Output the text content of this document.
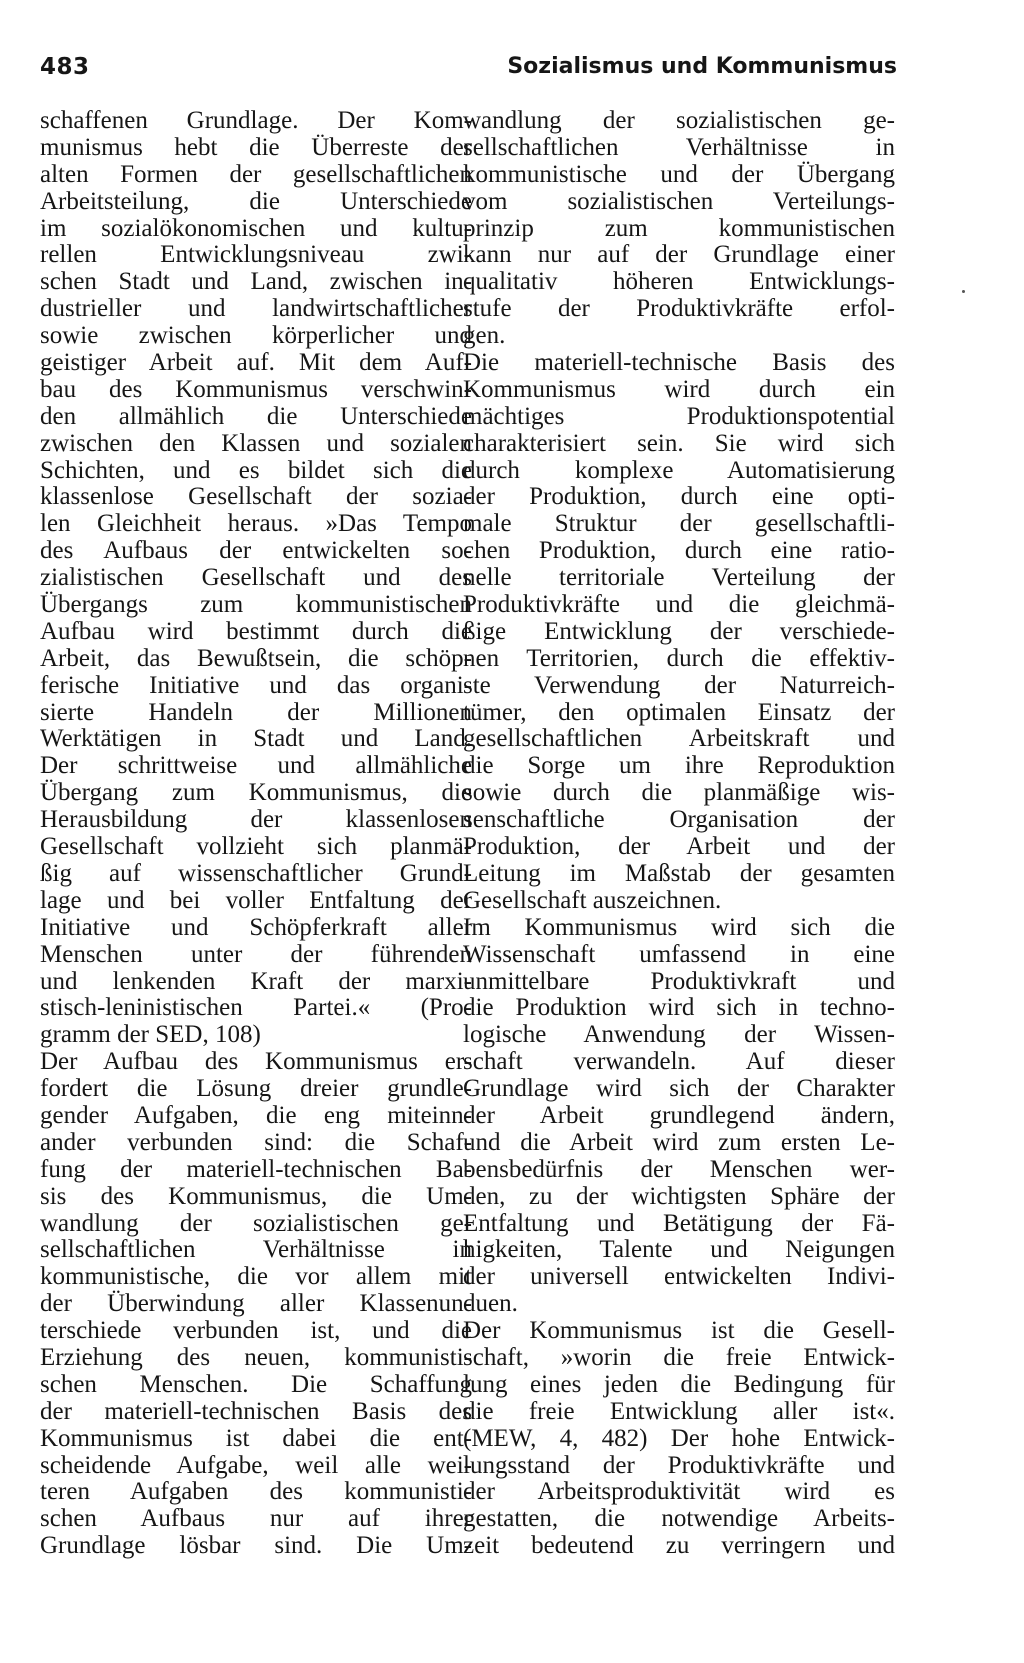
483	Sozialismus und Kommunismus
schaffenen Grundlage. Der Kom-
munismus hebt die Überreste der
alten Formen der gesellschaftlichen
Arbeitsteilung, die Unterschiede
im sozialökonomischen und kultu-
rellen Entwicklungsniveau zwi-
schen Stadt und Land, zwischen in-
dustrieller und landwirtschaftlicher
sowie zwischen körperlicher und
geistiger Arbeit auf. Mit dem Auf-
bau des Kommunismus verschwin-
den allmählich die Unterschiede
zwischen den Klassen und sozialen
Schichten, und es bildet sich die
klassenlose Gesellschaft der sozia-
len Gleichheit heraus. »Das Tempo
des Aufbaus der entwickelten so-
zialistischen Gesellschaft und des
Übergangs zum kommunistischen
Aufbau wird bestimmt durch die
Arbeit, das Bewußtsein, die schöp-
ferische Initiative und das organi-
sierte Handeln der Millionen
Werktätigen in Stadt und Land.
Der schrittweise und allmähliche
Übergang zum Kommunismus, die
Herausbildung der klassenlosen
Gesellschaft vollzieht sich planmä-
ßig auf wissenschaftlicher Grund-
lage und bei voller Entfaltung der
Initiative und Schöpferkraft aller
Menschen unter der führenden
und lenkenden Kraft der marxi-
stisch-leninistischen Partei.« (Pro-
gramm der SED, 108)
Der Aufbau des Kommunismus er-
fordert die Lösung dreier grundle-
gender Aufgaben, die eng miteinn-
ander verbunden sind: die Schaf-
fung der materiell-technischen Ba-
sis des Kommunismus, die Um-
wandlung der sozialistischen ge-
sellschaftlichen Verhältnisse in
kommunistische, die vor allem mit
der Überwindung aller Klassenun-
terschiede verbunden ist, und die
Erziehung des neuen, kommunisti-
schen Menschen. Die Schaffung
der materiell-technischen Basis des
Kommunismus ist dabei die ent-
scheidende Aufgabe, weil alle wei-
teren Aufgaben des kommunisti-
schen Aufbaus nur auf ihrer
Grundlage lösbar sind. Die Um-
wandlung der sozialistischen ge-
sellschaftlichen Verhältnisse in
kommunistische und der Übergang
vom sozialistischen Verteilungs-
prinzip zum kommunistischen
kann nur auf der Grundlage einer
qualitativ höheren Entwicklungs-
stufe der Produktivkräfte erfol-
gen.
Die materiell-technische Basis des
Kommunismus wird durch ein
mächtiges Produktionspotential
charakterisiert sein. Sie wird sich
durch komplexe Automatisierung
der Produktion, durch eine opti-
male Struktur der gesellschaftli-
chen Produktion, durch eine ratio-
nelle territoriale Verteilung der
Produktivkräfte und die gleichmä-
ßige Entwicklung der verschiede-
nen Territorien, durch die effektiv-
ste Verwendung der Naturreich-
tümer, den optimalen Einsatz der
gesellschaftlichen Arbeitskraft und
die Sorge um ihre Reproduktion
sowie durch die planmäßige wis-
senschaftliche Organisation der
Produktion, der Arbeit und der
Leitung im Maßstab der gesamten
Gesellschaft auszeichnen.
Im Kommunismus wird sich die
Wissenschaft umfassend in eine
unmittelbare Produktivkraft und
die Produktion wird sich in techno-
logische Anwendung der Wissen-
schaft verwandeln. Auf dieser
Grundlage wird sich der Charakter
der Arbeit grundlegend ändern,
und die Arbeit wird zum ersten Le-
bensbedürfnis der Menschen wer-
den, zu der wichtigsten Sphäre der
Entfaltung und Betätigung der Fä-
higkeiten, Talente und Neigungen
der universell entwickelten Indivi-
duen.
Der Kommunismus ist die Gesell-
schaft, »worin die freie Entwick-
lung eines jeden die Bedingung für
die freie Entwicklung aller ist«.
(MEW, 4, 482) Der hohe Entwick-
lungsstand der Produktivkräfte und
der Arbeitsproduktivität wird es
gestatten, die notwendige Arbeits-
zeit bedeutend zu verringern und
